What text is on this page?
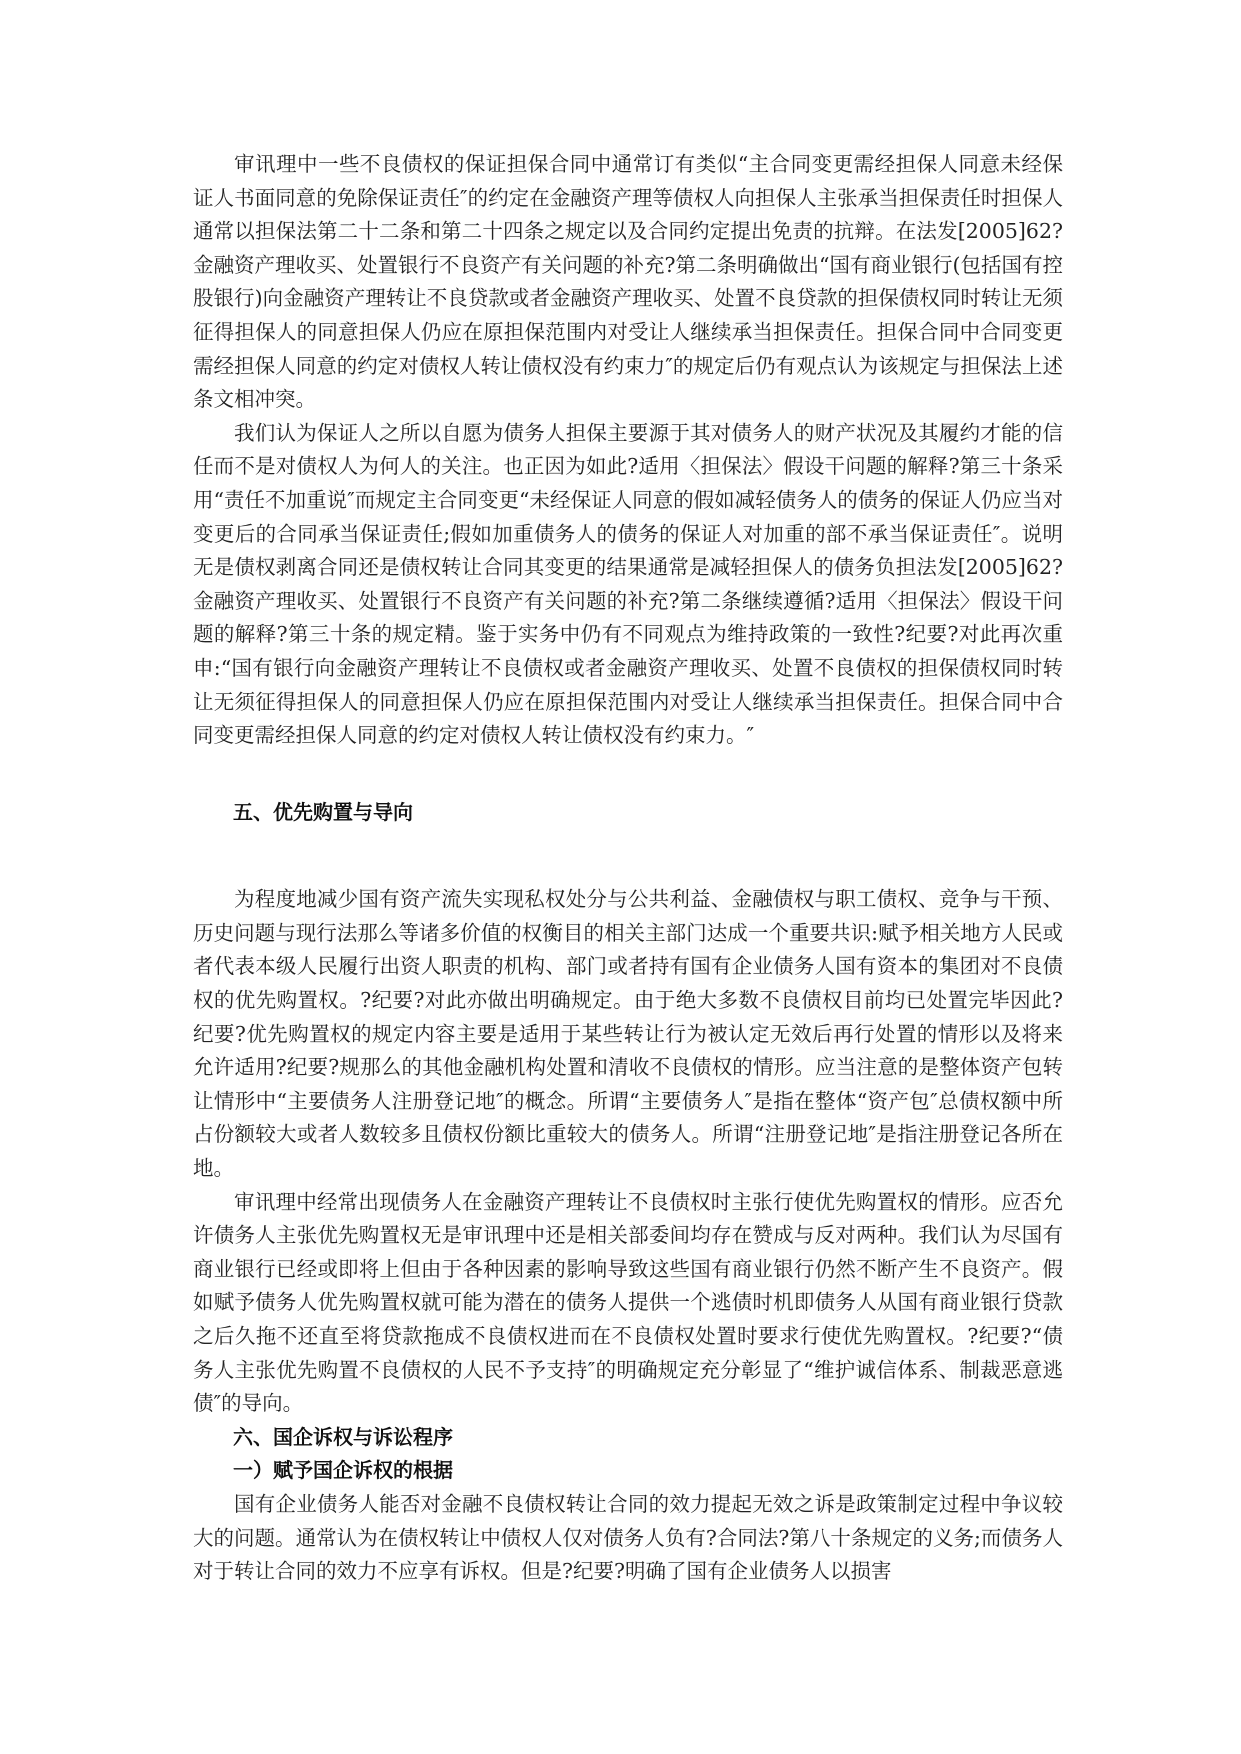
审讯理中一些不良债权的保证担保合同中通常订有类似“主合同变更需经担保人同意未经保证人书面同意的免除保证责任″的约定在金融资产理等债权人向担保人主张承当担保责任时担保人通常以担保法第二十二条和第二十四条之规定以及合同约定提出免责的抗辩。在法发[2005]62?金融资产理收买、处置银行不良资产有关问题的补充?第二条明确做出“国有商业银行(包括国有控股银行)向金融资产理转让不良贷款或者金融资产理收买、处置不良贷款的担保债权同时转让无须征得担保人的同意担保人仍应在原担保范围内对受让人继续承当担保责任。担保合同中合同变更需经担保人同意的约定对债权人转让债权没有约束力″的规定后仍有观点认为该规定与担保法上述条文相冲突。

我们认为保证人之所以自愿为债务人担保主要源于其对债务人的财产状况及其履约才能的信任而不是对债权人为何人的关注。也正因为如此?适用〈担保法〉假设干问题的解释?第三十条采用“责任不加重说″而规定主合同变更“未经保证人同意的假如减轻债务人的债务的保证人仍应当对变更后的合同承当保证责任;假如加重债务人的债务的保证人对加重的部不承当保证责任″。说明无是债权剥离合同还是债权转让合同其变更的结果通常是减轻担保人的债务负担法发[2005]62?金融资产理收买、处置银行不良资产有关问题的补充?第二条继续遵循?适用〈担保法〉假设干问题的解释?第三十条的规定精。鉴于实务中仍有不同观点为维持政策的一致性?纪要?对此再次重申:“国有银行向金融资产理转让不良债权或者金融资产理收买、处置不良债权的担保债权同时转让无须征得担保人的同意担保人仍应在原担保范围内对受让人继续承当担保责任。担保合同中合同变更需经担保人同意的约定对债权人转让债权没有约束力。″

五、优先购置与导向

为程度地减少国有资产流失实现私权处分与公共利益、金融债权与职工债权、竞争与干预、历史问题与现行法那么等诸多价值的权衡目的相关主部门达成一个重要共识:赋予相关地方人民或者代表本级人民履行出资人职责的机构、部门或者持有国有企业债务人国有资本的集团对不良债权的优先购置权。?纪要?对此亦做出明确规定。由于绝大多数不良债权目前均已处置完毕因此?纪要?优先购置权的规定内容主要是适用于某些转让行为被认定无效后再行处置的情形以及将来允许适用?纪要?规那么的其他金融机构处置和清收不良债权的情形。应当注意的是整体资产包转让情形中“主要债务人注册登记地″的概念。所谓“主要债务人″是指在整体“资产包″总债权额中所占份额较大或者人数较多且债权份额比重较大的债务人。所谓“注册登记地″是指注册登记各所在地。

审讯理中经常出现债务人在金融资产理转让不良债权时主张行使优先购置权的情形。应否允许债务人主张优先购置权无是审讯理中还是相关部委间均存在赞成与反对两种。我们认为尽国有商业银行已经或即将上但由于各种因素的影响导致这些国有商业银行仍然不断产生不良资产。假如赋予债务人优先购置权就可能为潜在的债务人提供一个逃债时机即债务人从国有商业银行贷款之后久拖不还直至将贷款拖成不良债权进而在不良债权处置时要求行使优先购置权。?纪要?“债务人主张优先购置不良债权的人民不予支持″的明确规定充分彰显了“维护诚信体系、制裁恶意逃债″的导向。

六、国企诉权与诉讼程序

一）赋予国企诉权的根据

国有企业债务人能否对金融不良债权转让合同的效力提起无效之诉是政策制定过程中争议较大的问题。通常认为在债权转让中债权人仅对债务人负有?合同法?第八十条规定的义务;而债务人对于转让合同的效力不应享有诉权。但是?纪要?明确了国有企业债务人以损害
